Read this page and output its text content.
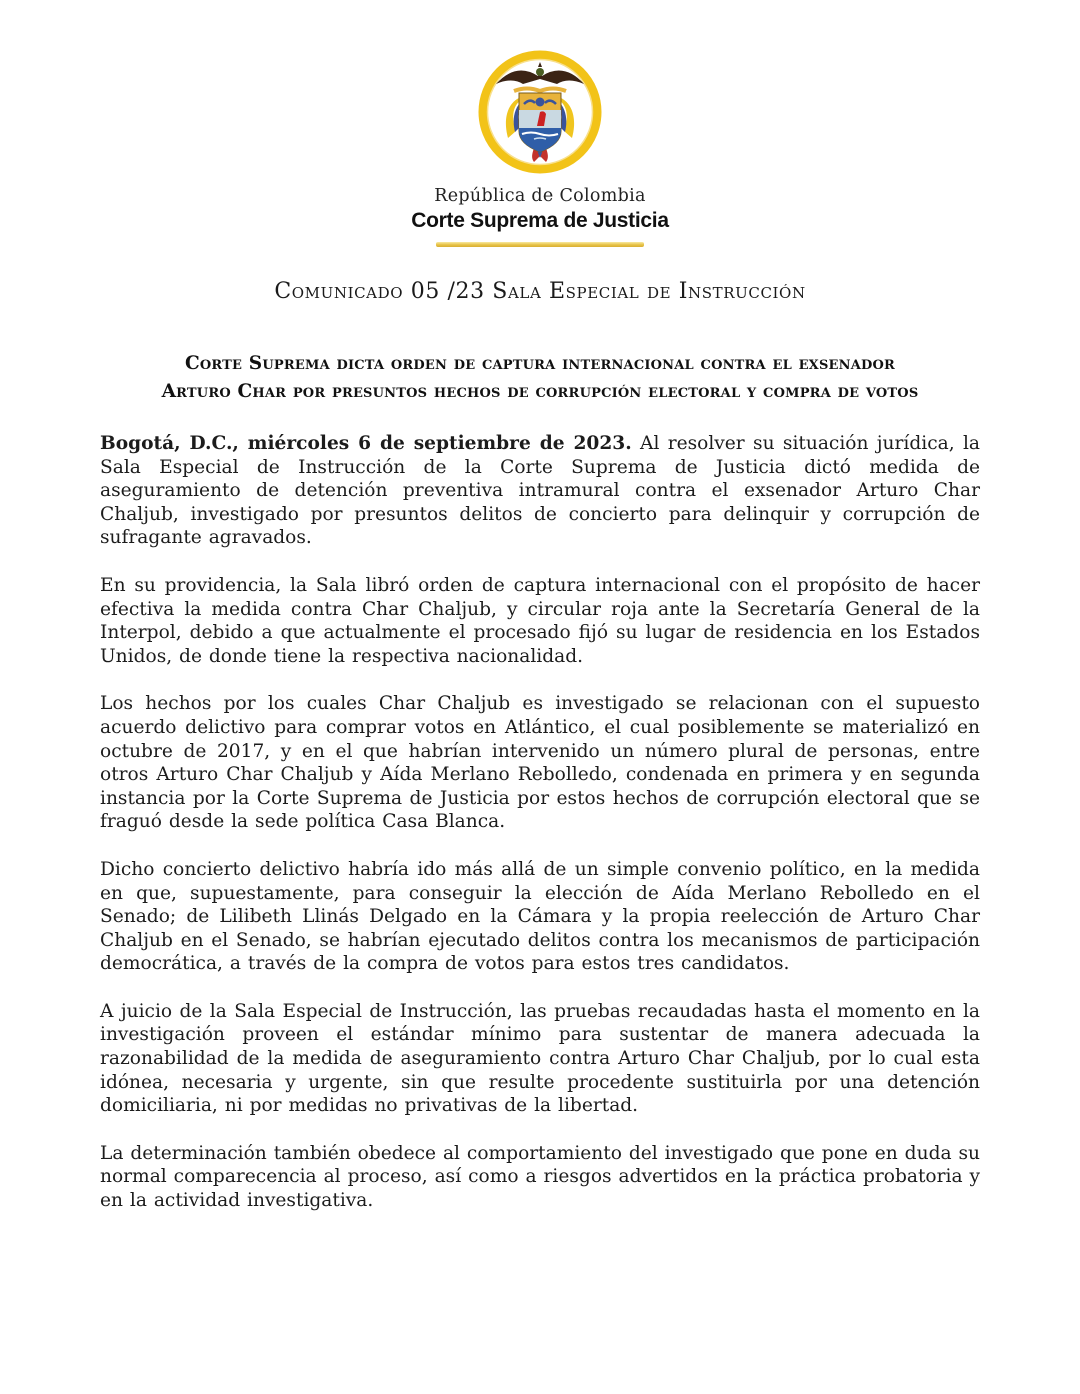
República de Colombia
Corte Suprema de Justicia
Comunicado 05 /23 Sala Especial de Instrucción
Corte Suprema dicta orden de captura internacional contra el exsenador
Arturo Char por presuntos hechos de corrupción electoral y compra de votos

Bogotá, D.C., miércoles 6 de septiembre de 2023. Al resolver su situación jurídica, la Sala Especial de Instrucción de la Corte Suprema de Justicia dictó medida de aseguramiento de detención preventiva intramural contra el exsenador Arturo Char Chaljub, investigado por presuntos delitos de concierto para delinquir y corrupción de sufragante agravados.

En su providencia, la Sala libró orden de captura internacional con el propósito de hacer efectiva la medida contra Char Chaljub, y circular roja ante la Secretaría General de la Interpol, debido a que actualmente el procesado fijó su lugar de residencia en los Estados Unidos, de donde tiene la respectiva nacionalidad.

Los hechos por los cuales Char Chaljub es investigado se relacionan con el supuesto acuerdo delictivo para comprar votos en Atlántico, el cual posiblemente se materializó en octubre de 2017, y en el que habrían intervenido un número plural de personas, entre otros Arturo Char Chaljub y Aída Merlano Rebolledo, condenada en primera y en segunda instancia por la Corte Suprema de Justicia por estos hechos de corrupción electoral que se fraguó desde la sede política Casa Blanca.

Dicho concierto delictivo habría ido más allá de un simple convenio político, en la medida en que, supuestamente, para conseguir la elección de Aída Merlano Rebolledo en el Senado; de Lilibeth Llinás Delgado en la Cámara y la propia reelección de Arturo Char Chaljub en el Senado, se habrían ejecutado delitos contra los mecanismos de participación democrática, a través de la compra de votos para estos tres candidatos.

A juicio de la Sala Especial de Instrucción, las pruebas recaudadas hasta el momento en la investigación proveen el estándar mínimo para sustentar de manera adecuada la razonabilidad de la medida de aseguramiento contra Arturo Char Chaljub, por lo cual esta idónea, necesaria y urgente, sin que resulte procedente sustituirla por una detención domiciliaria, ni por medidas no privativas de la libertad.

La determinación también obedece al comportamiento del investigado que pone en duda su normal comparecencia al proceso, así como a riesgos advertidos en la práctica probatoria y en la actividad investigativa.
